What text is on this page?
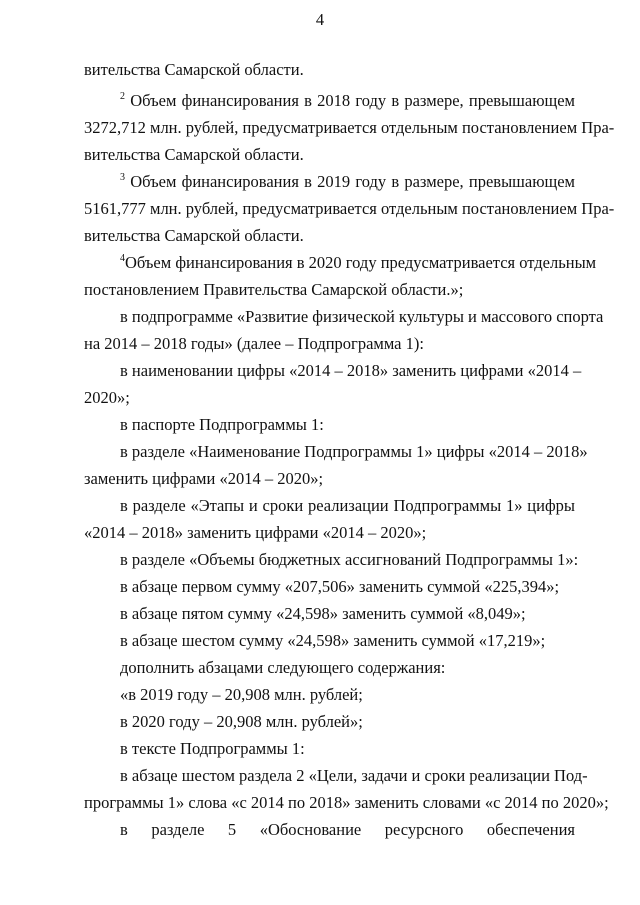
4
вительства Самарской области.
$^2$ Объем финансирования в 2018 году в размере, превышающем
3272,712 млн. рублей, предусматривается отдельным постановлением Пра-
вительства Самарской области.
$^3$ Объем финансирования в 2019 году в размере, превышающем
5161,777 млн. рублей, предусматривается отдельным постановлением Пра-
вительства Самарской области.
$^4$Объем финансирования в 2020 году предусматривается отдельным
постановлением Правительства Самарской области.»;
в подпрограмме «Развитие физической культуры и массового спорта
на 2014 – 2018 годы» (далее – Подпрограмма 1):
в наименовании цифры «2014 – 2018» заменить цифрами «2014 –
2020»;
в паспорте Подпрограммы 1:
в разделе «Наименование Подпрограммы 1» цифры «2014 – 2018»
заменить цифрами «2014 – 2020»;
в разделе «Этапы и сроки реализации Подпрограммы 1» цифры
«2014 – 2018» заменить цифрами «2014 – 2020»;
в разделе «Объемы бюджетных ассигнований Подпрограммы 1»:
в абзаце первом сумму «207,506» заменить суммой «225,394»;
в абзаце пятом сумму «24,598» заменить суммой «8,049»;
в абзаце шестом сумму «24,598» заменить суммой «17,219»;
дополнить абзацами следующего содержания:
«в 2019 году – 20,908 млн. рублей;
в 2020 году – 20,908 млн. рублей»;
в тексте Подпрограммы 1:
в абзаце шестом раздела 2 «Цели, задачи и сроки реализации Под-
программы 1» слова «с 2014 по 2018» заменить словами «с 2014 по 2020»;
в разделе 5 «Обоснование ресурсного обеспечения
